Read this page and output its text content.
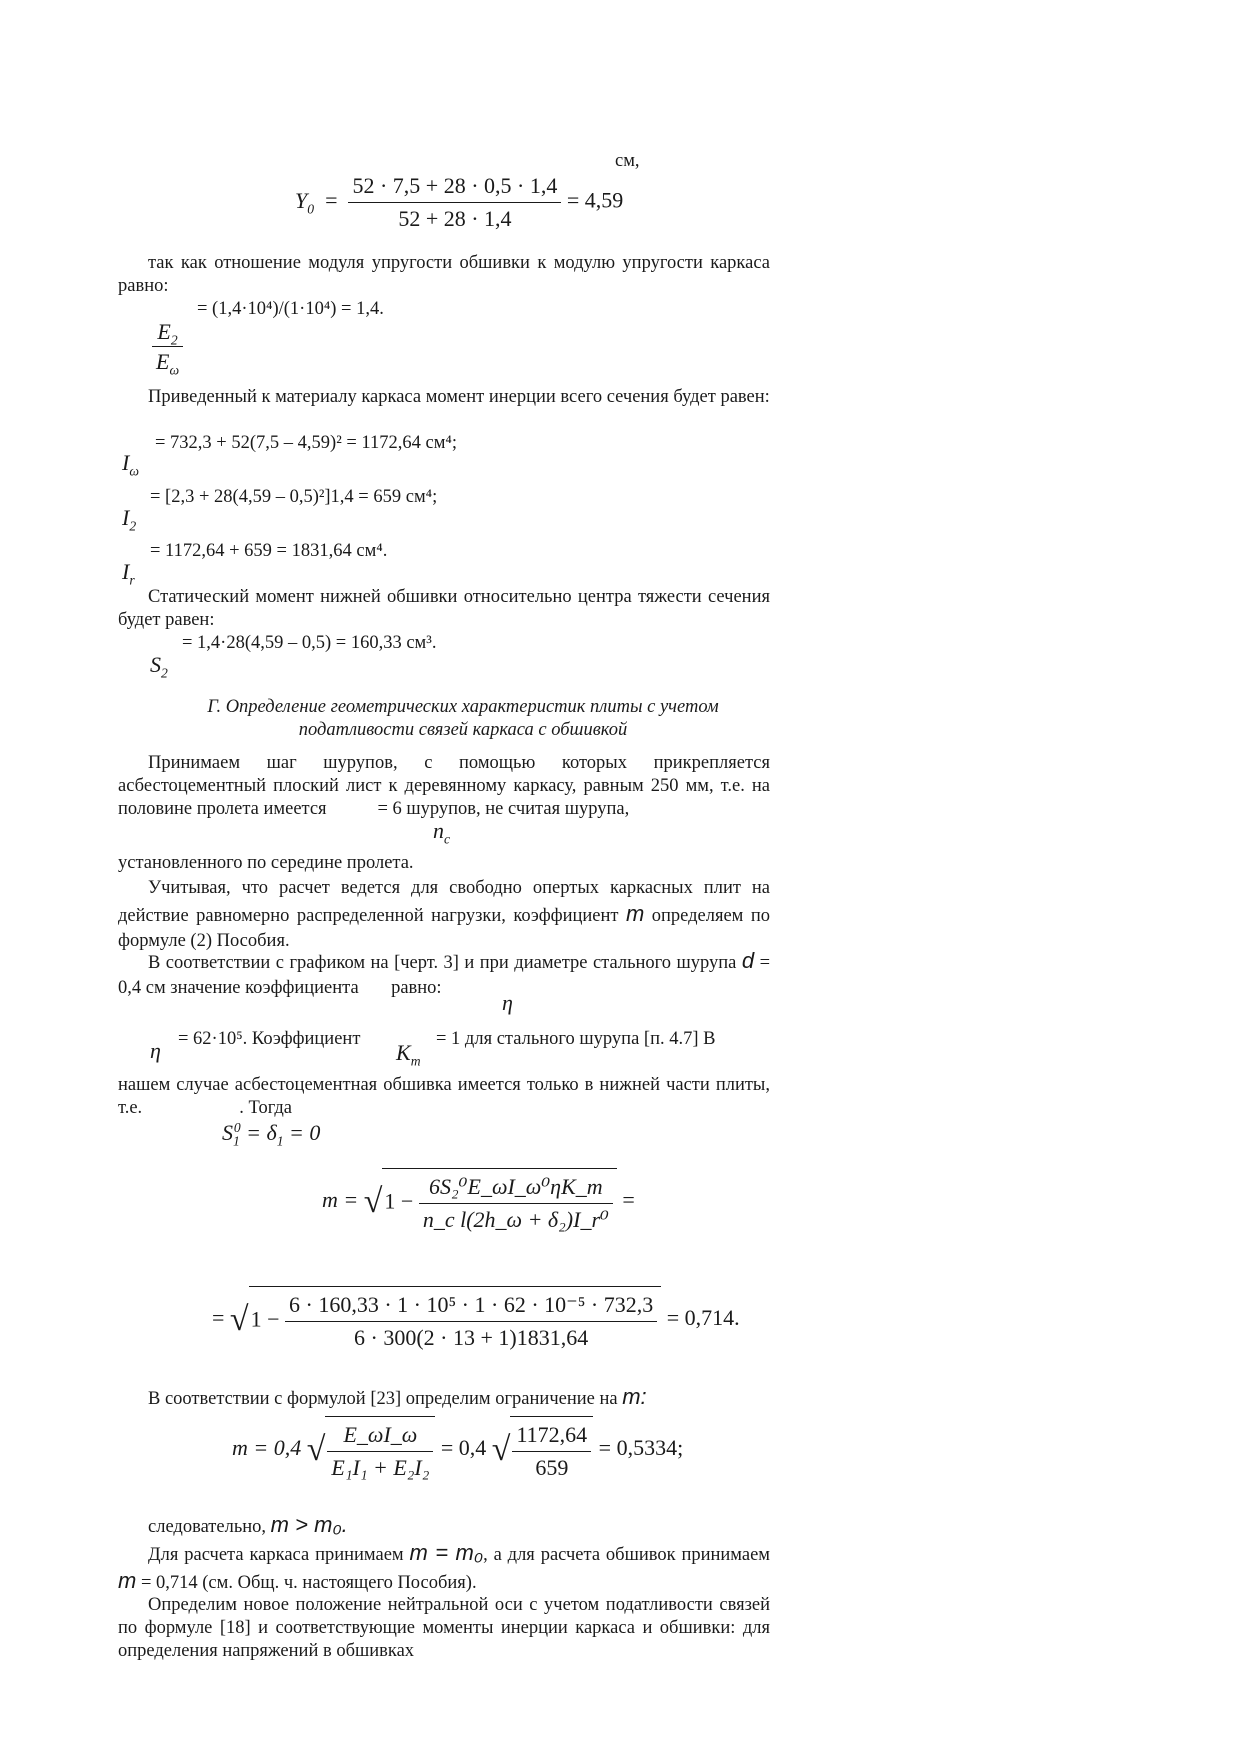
см,
$Y_0 = \frac{52 \cdot 7,5 + 28 \cdot 0,5 \cdot 1,4}{52 + 28 \cdot 1,4} = 4,59$
так как отношение модуля упругости обшивки к модулю упругости каркаса равно:
= (1,4·10⁴)/(1·10⁴) = 1,4.
$\frac{E_2}{E_\omega}$
Приведенный к материалу каркаса момент инерции всего сечения будет равен:
= 732,3 + 52(7,5 – 4,59)² = 1172,64 см⁴;
$I_\omega$
= [2,3 + 28(4,59 – 0,5)²]1,4 = 659 см⁴;
$I_2$
= 1172,64 + 659 = 1831,64 см⁴.
$I_r$
Статический момент нижней обшивки относительно центра тяжести сечения будет равен:
= 1,4·28(4,59 – 0,5) = 160,33 см³.
$S_2$
Г. Определение геометрических характеристик плиты с учетом
податливости связей каркаса с обшивкой
Принимаем шаг шурупов, с помощью которых прикрепляется асбестоцементный плоский лист к деревянному каркасу, равным 250 мм, т.е. на половине пролета имеется	= 6 шурупов, не считая шурупа,
$n_c$
установленного по середине пролета.
Учитывая, что расчет ведется для свободно опертых каркасных плит на действие равномерно распределенной нагрузки, коэффициент m определяем по формуле (2) Пособия.
В соответствии с графиком на [черт. 3] и при диаметре стального шурупа d = 0,4 см значение коэффициента равно:
η
= 62·10⁵. Коэффициент
η	= 1 для стального шурупа [п. 4.7] В
$K_m$
нашем случае асбестоцементная обшивка имеется только в нижней части плиты, т.е.	. Тогда
$S_1^0 = \delta_1 = 0$
$m = √1 - \frac{\text{6S₂⁰E\_ωI\_ω⁰ηK\_m}}{\text{n\_c l(2h\_ω + δ₂)I\_r⁰}}$ =
= $√1 - \frac{\text{6 · 160,33 · 1 · 10⁵ · 1 · 62 · 10⁻⁵ · 732,3}}{6 \cdot 300(2 \cdot 13 + 1)1831,64} = 0,714$.
В соответствии с формулой [23] определим ограничение на m:
m = 0,4 √ $\frac{E\_\omega I\_\omega}{\text{E₁I₁ + E₂I₂}} = 0,4$ √ $\frac{1172,64}{659} = 0,5334$;
следовательно, m > m₀.
Для расчета каркаса принимаем m = m₀, а для расчета обшивок принимаем m = 0,714 (см. Общ. ч. настоящего Пособия).
Определим новое положение нейтральной оси с учетом податливости связей по формуле [18] и соответствующие моменты инерции каркаса и обшивки: для определения напряжений в обшивках
